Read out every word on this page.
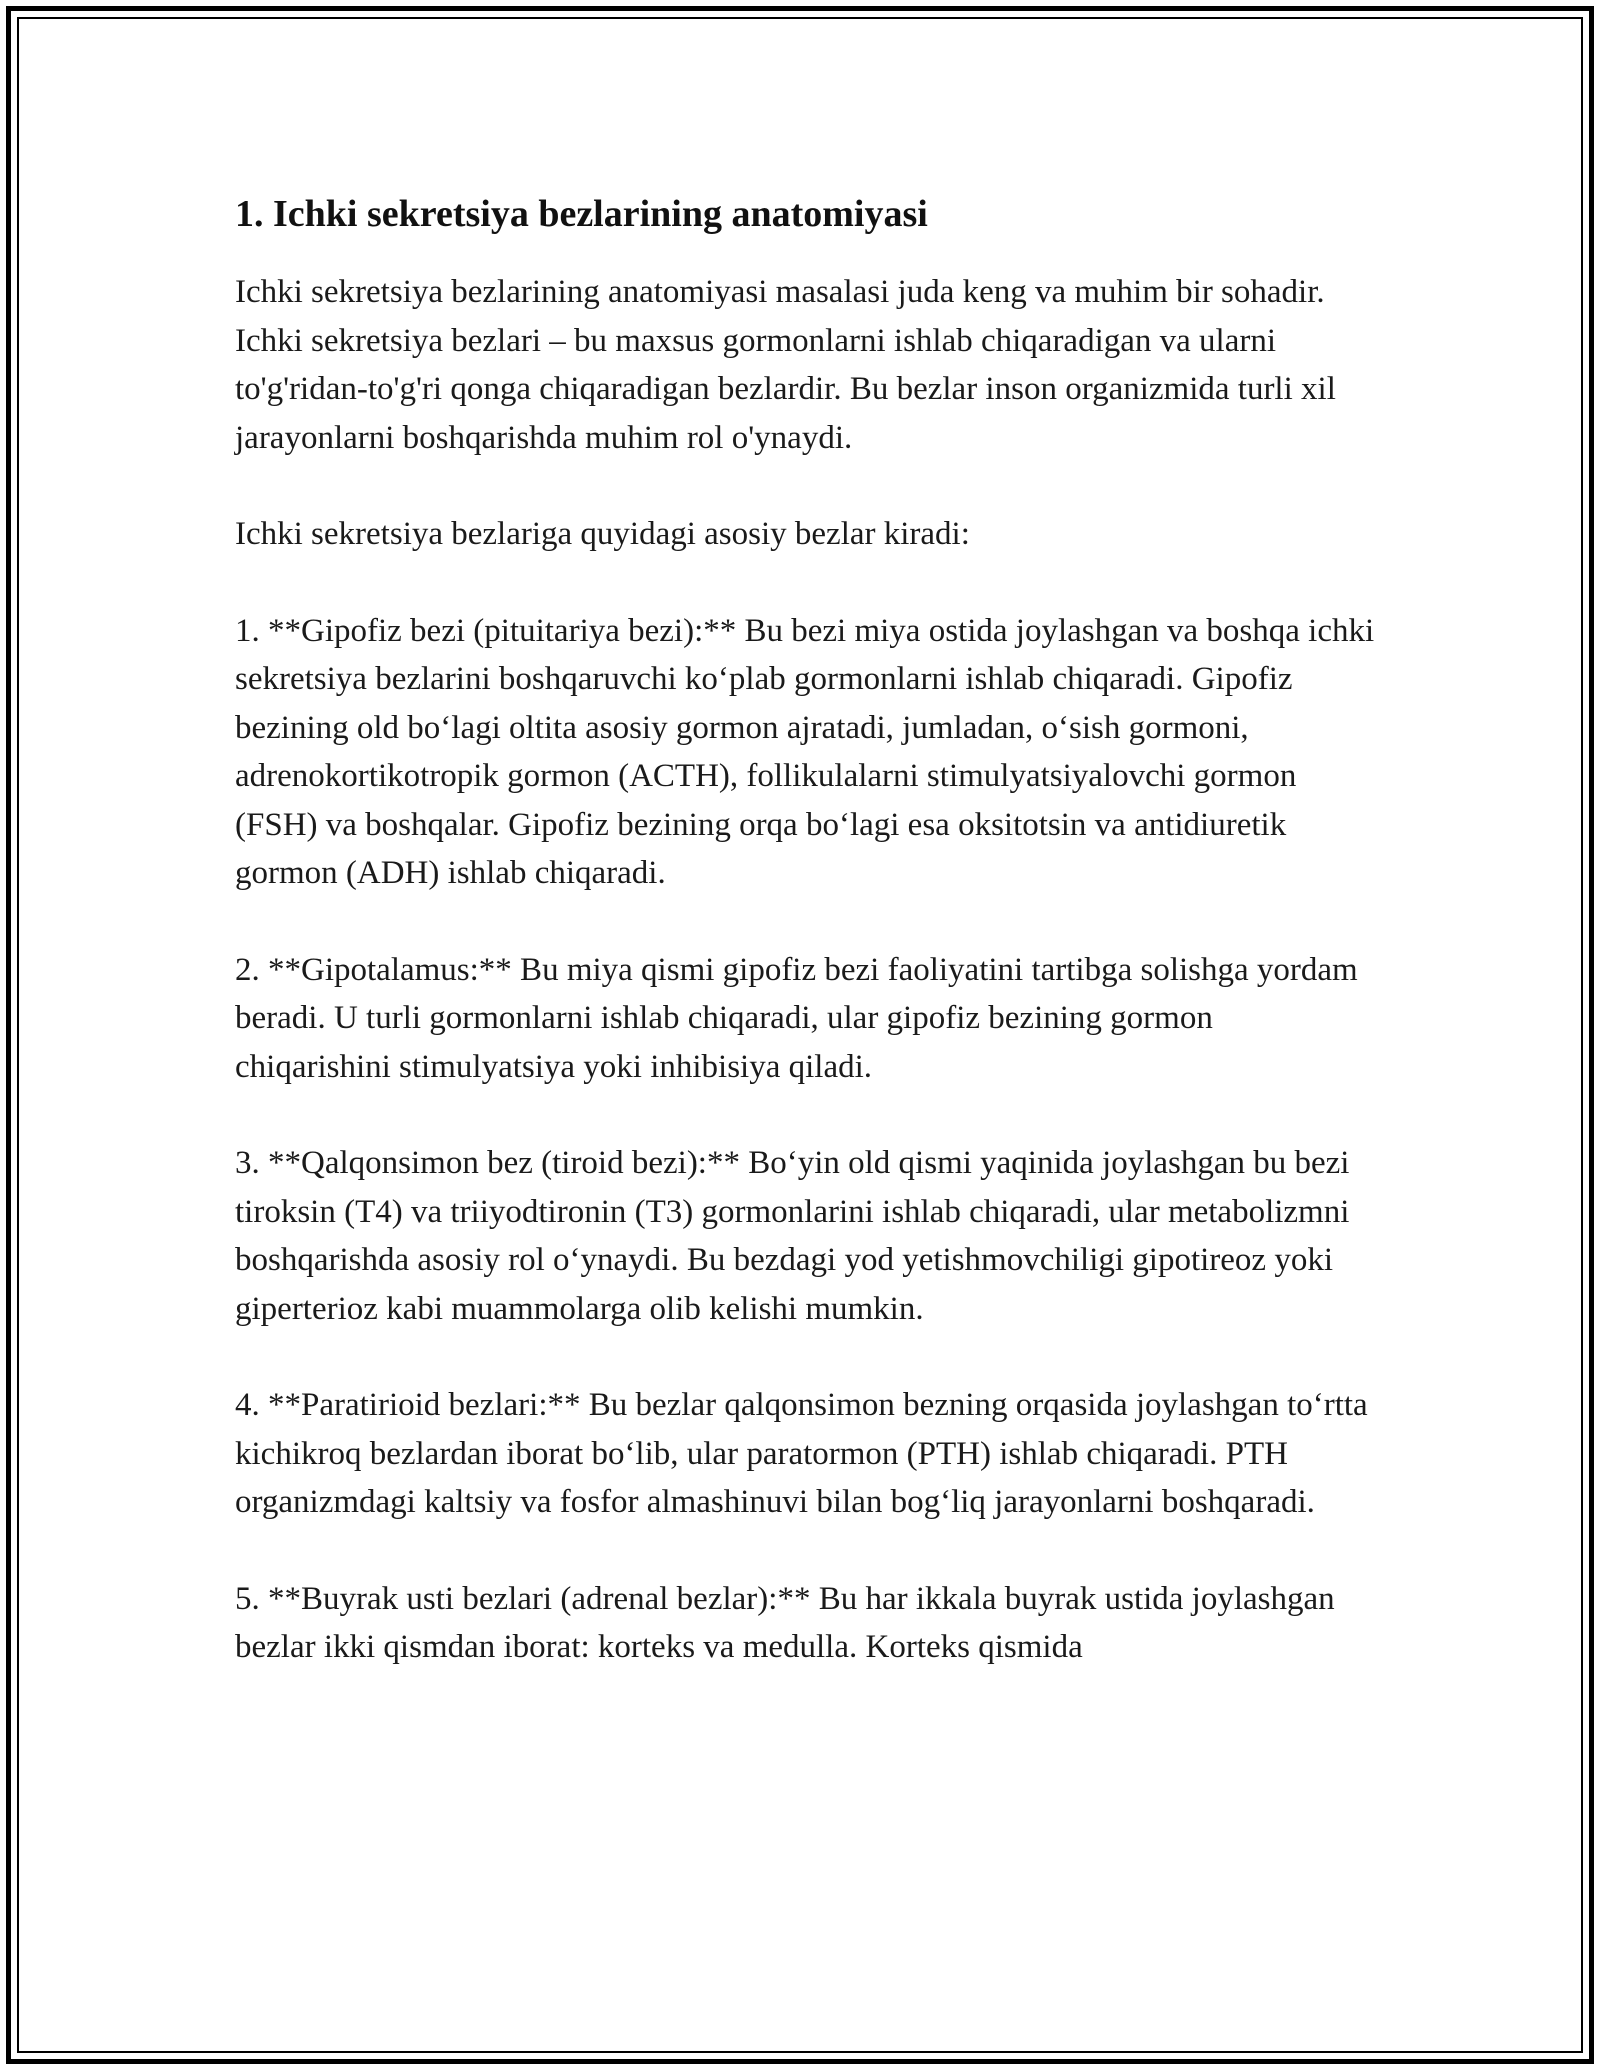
1. Ichki sekretsiya bezlarining anatomiyasi

Ichki sekretsiya bezlarining anatomiyasi masalasi juda keng va muhim bir sohadir. Ichki sekretsiya bezlari – bu maxsus gormonlarni ishlab chiqaradigan va ularni to'g'ridan-to'g'ri qonga chiqaradigan bezlardir. Bu bezlar inson organizmida turli xil jarayonlarni boshqarishda muhim rol o'ynaydi.

Ichki sekretsiya bezlariga quyidagi asosiy bezlar kiradi:

1. **Gipofiz bezi (pituitariya bezi):** Bu bezi miya ostida joylashgan va boshqa ichki sekretsiya bezlarini boshqaruvchi ko‘plab gormonlarni ishlab chiqaradi. Gipofiz bezining old bo‘lagi oltita asosiy gormon ajratadi, jumladan, o‘sish gormoni, adrenokortikotropik gormon (ACTH), follikulalarni stimulyatsiyalovchi gormon (FSH) va boshqalar. Gipofiz bezining orqa bo‘lagi esa oksitotsin va antidiuretik gormon (ADH) ishlab chiqaradi.

2. **Gipotalamus:** Bu miya qismi gipofiz bezi faoliyatini tartibga solishga yordam beradi. U turli gormonlarni ishlab chiqaradi, ular gipofiz bezining gormon chiqarishini stimulyatsiya yoki inhibisiya qiladi.

3. **Qalqonsimon bez (tiroid bezi):** Bo‘yin old qismi yaqinida joylashgan bu bezi tiroksin (T4) va triiyodtironin (T3) gormonlarini ishlab chiqaradi, ular metabolizmni boshqarishda asosiy rol o‘ynaydi. Bu bezdagi yod yetishmovchiligi gipotireoz yoki giperterioz kabi muammolarga olib kelishi mumkin.

4. **Paratirioid bezlari:** Bu bezlar qalqonsimon bezning orqasida joylashgan to‘rtta kichikroq bezlardan iborat bo‘lib, ular paratormon (PTH) ishlab chiqaradi. PTH organizmdagi kaltsiy va fosfor almashinuvi bilan bog‘liq jarayonlarni boshqaradi.

5. **Buyrak usti bezlari (adrenal bezlar):** Bu har ikkala buyrak ustida joylashgan bezlar ikki qismdan iborat: korteks va medulla. Korteks qismida
